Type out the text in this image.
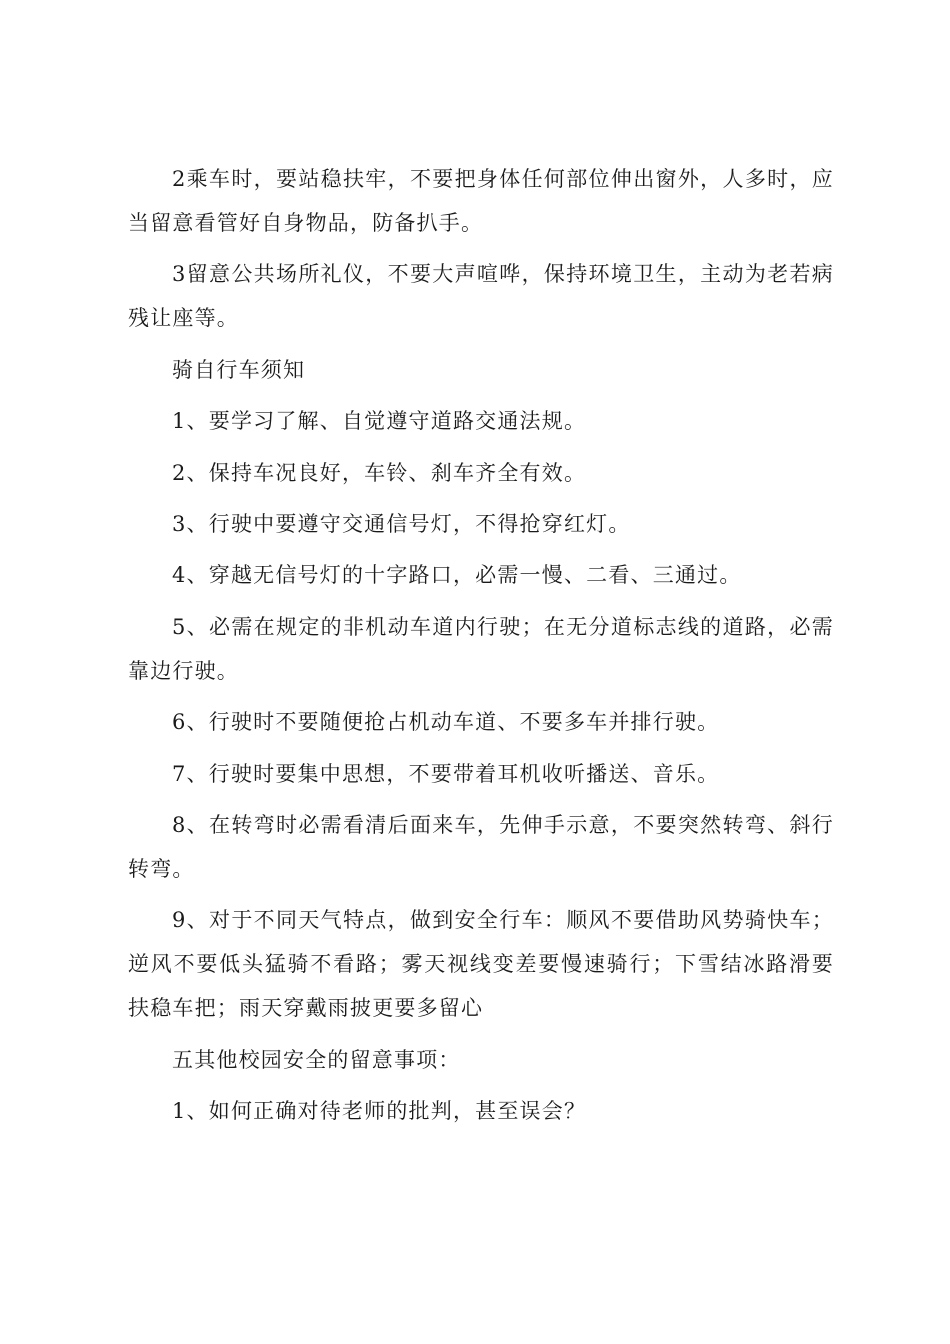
2乘车时，要站稳扶牢，不要把身体任何部位伸出窗外，人多时，应当留意看管好自身物品，防备扒手。

3留意公共场所礼仪，不要大声喧哗，保持环境卫生，主动为老若病残让座等。

骑自行车须知

1、要学习了解、自觉遵守道路交通法规。

2、保持车况良好，车铃、刹车齐全有效。

3、行驶中要遵守交通信号灯，不得抢穿红灯。

4、穿越无信号灯的十字路口，必需一慢、二看、三通过。

5、必需在规定的非机动车道内行驶；在无分道标志线的道路，必需靠边行驶。

6、行驶时不要随便抢占机动车道、不要多车并排行驶。

7、行驶时要集中思想，不要带着耳机收听播送、音乐。

8、在转弯时必需看清后面来车，先伸手示意，不要突然转弯、斜行转弯。

9、对于不同天气特点，做到安全行车：顺风不要借助风势骑快车；逆风不要低头猛骑不看路；雾天视线变差要慢速骑行；下雪结冰路滑要扶稳车把；雨天穿戴雨披更要多留心

五其他校园安全的留意事项：

1、如何正确对待老师的批判，甚至误会？
